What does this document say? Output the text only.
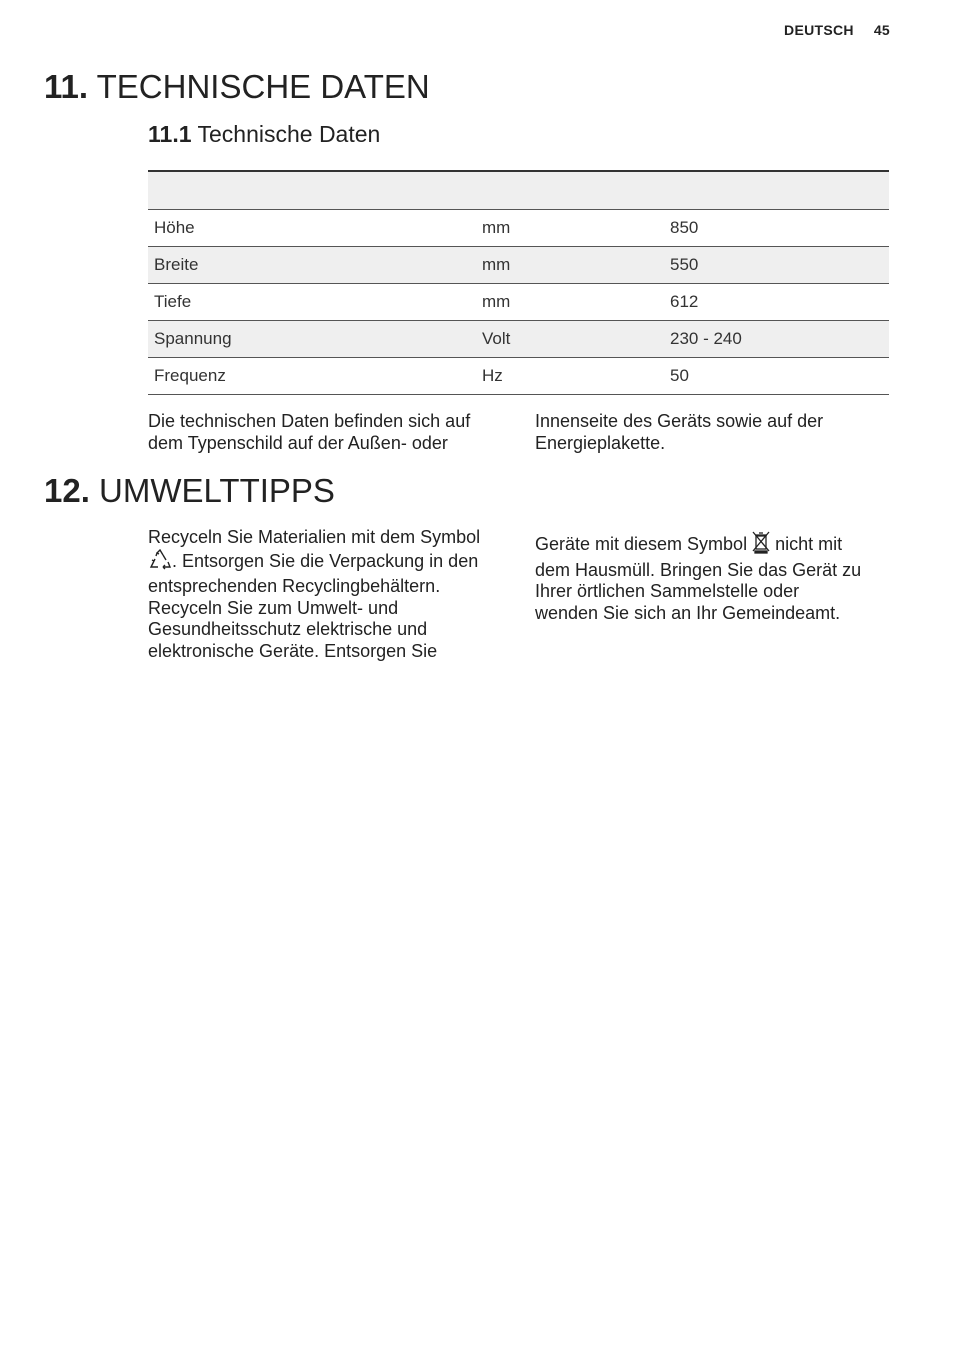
DEUTSCH 45
11. TECHNISCHE DATEN
11.1 Technische Daten

Höhe	mm	850
Breite	mm	550
Tiefe	mm	612
Spannung	Volt	230 - 240
Frequenz	Hz	50

Die technischen Daten befinden sich auf
dem Typenschild auf der Außen- oder

Innenseite des Geräts sowie auf der
Energieplakette.

12. UMWELTTIPPS

Recyceln Sie Materialien mit dem Symbol
. Entsorgen Sie die Verpackung in den
entsprechenden Recyclingbehältern.
Recyceln Sie zum Umwelt- und
Gesundheitsschutz elektrische und
elektronische Geräte. Entsorgen Sie

Geräte mit diesem Symbol  nicht mit
dem Hausmüll. Bringen Sie das Gerät zu
Ihrer örtlichen Sammelstelle oder
wenden Sie sich an Ihr Gemeindeamt.
